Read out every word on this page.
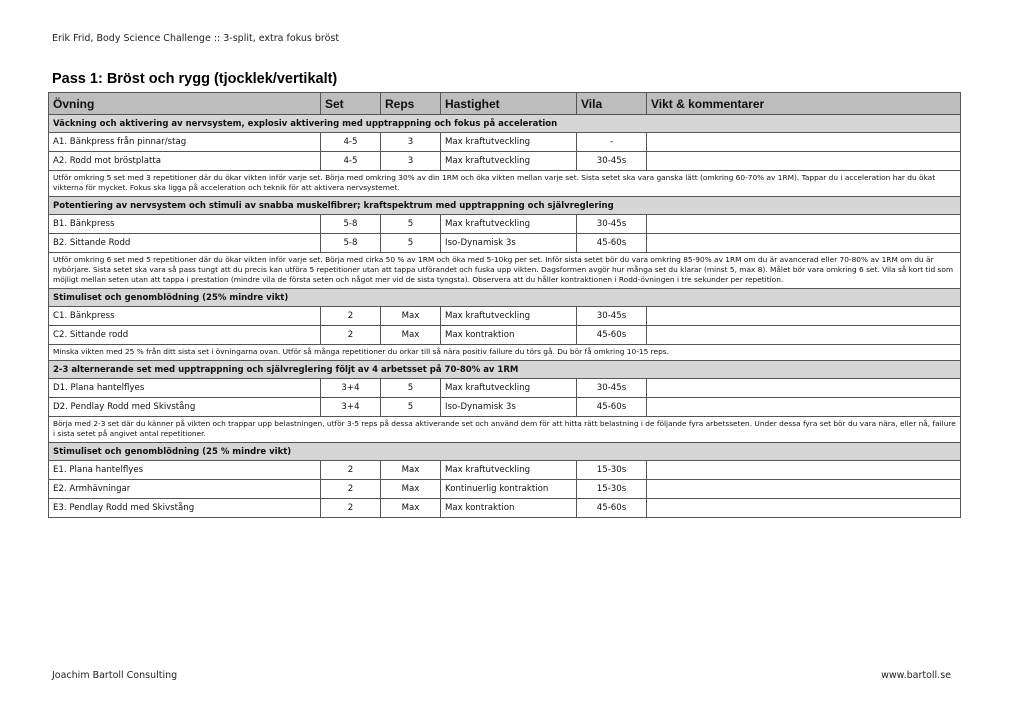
Erik Frid, Body Science Challenge :: 3-split, extra fokus bröst
Pass 1: Bröst och rygg (tjocklek/vertikalt)
Övning	Set	Reps	Hastighet	Vila	Vikt & kommentarer
Väckning och aktivering av nervsystem, explosiv aktivering med upptrappning och fokus på acceleration					
A1. Bänkpress från pinnar/stag	4-5	3	Max kraftutveckling	-	
A2. Rodd mot bröstplatta	4-5	3	Max kraftutveckling	30-45s	
Utför omkring 5 set med 3 repetitioner där du ökar vikten inför varje set. Börja med omkring 30% av din 1RM och öka vikten mellan varje set. Sista setet ska vara ganska lätt (omkring 60-70% av 1RM). Tappar du i acceleration har du ökat vikterna för mycket. Fokus ska ligga på acceleration och teknik för att aktivera nervsystemet.					
Potentiering av nervsystem och stimuli av snabba muskelfibrer; kraftspektrum med upptrappning och självreglering					
B1. Bänkpress	5-8	5	Max kraftutveckling	30-45s	
B2. Sittande Rodd	5-8	5	Iso-Dynamisk 3s	45-60s	
Utför omkring 6 set med 5 repetitioner där du ökar vikten inför varje set. Börja med cirka 50 % av 1RM och öka med 5-10kg per set. Inför sista setet bör du vara omkring 85-90% av 1RM om du är avancerad eller 70-80% av 1RM om du är nybörjare. Sista setet ska vara så pass tungt att du precis kan utföra 5 repetitioner utan att tappa utförandet och fuska upp vikten. Dagsformen avgör hur många set du klarar (minst 5, max 8). Målet bör vara omkring 6 set. Vila så kort tid som möjligt mellan seten utan att tappa i prestation (mindre vila de första seten och något mer vid de sista tyngsta). Observera att du håller kontraktionen i Rodd-övningen i tre sekunder per repetition.					
Stimuliset och genomblödning (25% mindre vikt)					
C1. Bänkpress	2	Max	Max kraftutveckling	30-45s	
C2. Sittande rodd	2	Max	Max kontraktion	45-60s	
Minska vikten med 25 % från ditt sista set i övningarna ovan. Utför så många repetitioner du orkar till så nära positiv failure du törs gå. Du bör få omkring 10-15 reps.					
2-3 alternerande set med upptrappning och självreglering följt av 4 arbetsset på 70-80% av 1RM					
D1. Plana hantelflyes	3+4	5	Max kraftutveckling	30-45s	
D2. Pendlay Rodd med Skivstång	3+4	5	Iso-Dynamisk 3s	45-60s	
Börja med 2-3 set där du känner på vikten och trappar upp belastningen, utför 3-5 reps på dessa aktiverande set och använd dem för att hitta rätt belastning i de följande fyra arbetsseten. Under dessa fyra set bör du vara nära, eller nå, failure i sista setet på angivet antal repetitioner.					
Stimuliset och genomblödning (25 % mindre vikt)					
E1. Plana hantelflyes	2	Max	Max kraftutveckling	15-30s	
E2. Armhävningar	2	Max	Kontinuerlig kontraktion	15-30s	
E3. Pendlay Rodd med Skivstång	2	Max	Max kontraktion	45-60s	
Joachim Bartoll Consulting	www.bartoll.se
